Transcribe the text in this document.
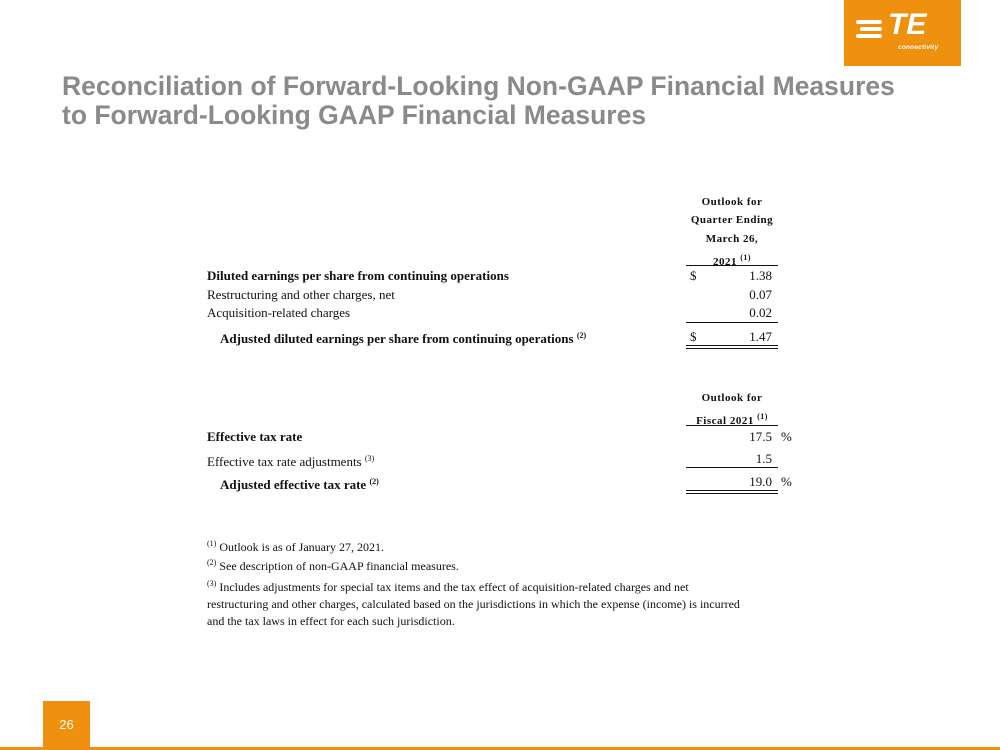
TE
connectivity
Reconciliation of Forward-Looking Non-GAAP Financial Measures
to Forward-Looking GAAP Financial Measures
Outlook for
Quarter Ending
March 26,
2021 $^{(1)}$
Diluted earnings per share from continuing operations	$	1.38
Restructuring and other charges, net	0.07
Acquisition-related charges	0.02
Adjusted diluted earnings per share from continuing operations $^{(2)}$	$	1.47
Outlook for
Fiscal 2021 $^{(1)}$
Effective tax rate	17.5 %
Effective tax rate adjustments $^{(3)}$	1.5
Adjusted effective tax rate $^{(2)}$	19.0 %
$^{(1)}$ Outlook is as of January 27, 2021.
$^{(2)}$ See description of non-GAAP financial measures.
$^{(3)}$ Includes adjustments for special tax items and the tax effect of acquisition-related charges and net
restructuring and other charges, calculated based on the jurisdictions in which the expense (income) is incurred
and the tax laws in effect for each such jurisdiction.
26
